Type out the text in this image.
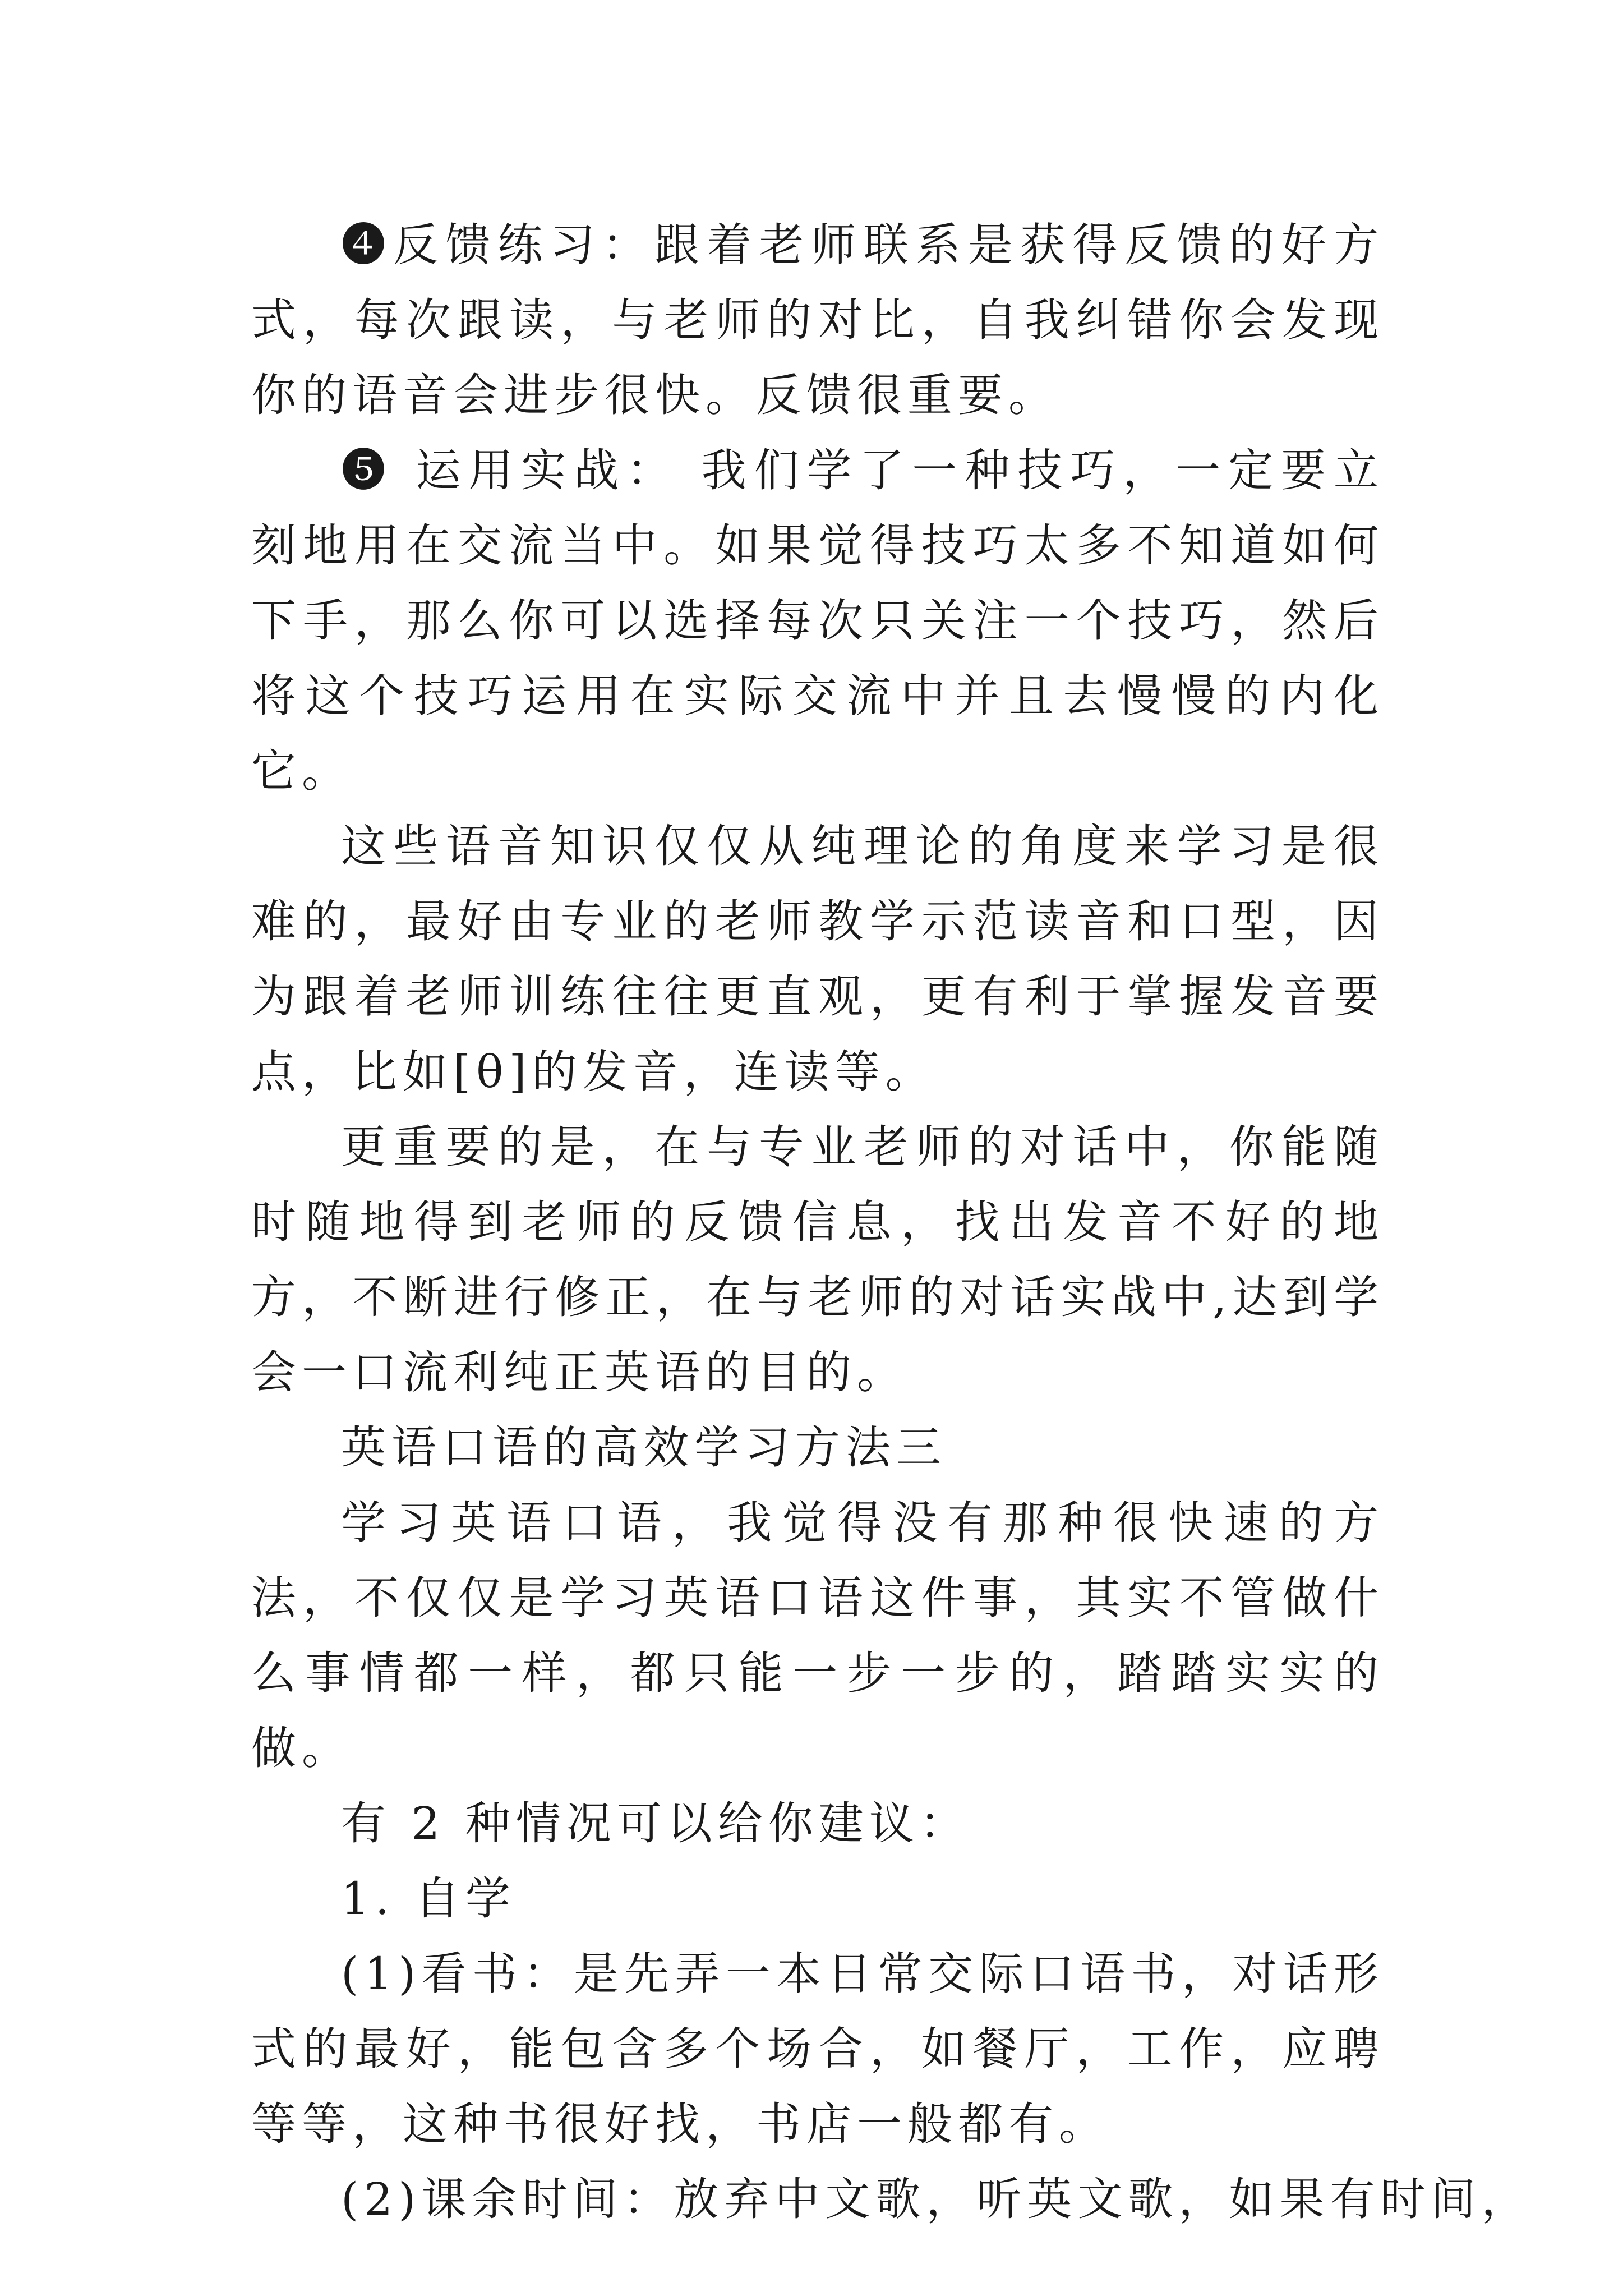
❹反馈练习：跟着老师联系是获得反馈的好方式，每次跟读，与老师的对比，自我纠错你会发现你的语音会进步很快。反馈很重要。

❺ 运用实战： 我们学了一种技巧，一定要立刻地用在交流当中。如果觉得技巧太多不知道如何下手，那么你可以选择每次只关注一个技巧，然后将这个技巧运用在实际交流中并且去慢慢的内化它。

这些语音知识仅仅从纯理论的角度来学习是很难的，最好由专业的老师教学示范读音和口型，因为跟着老师训练往往更直观，更有利于掌握发音要点，比如[θ]的发音，连读等。

更重要的是，在与专业老师的对话中，你能随时随地得到老师的反馈信息，找出发音不好的地方，不断进行修正，在与老师的对话实战中,达到学会一口流利纯正英语的目的。

英语口语的高效学习方法三

学习英语口语，我觉得没有那种很快速的方法，不仅仅是学习英语口语这件事，其实不管做什么事情都一样，都只能一步一步的，踏踏实实的做。

有 2 种情况可以给你建议：

1. 自学

(1)看书：是先弄一本日常交际口语书，对话形式的最好，能包含多个场合，如餐厅，工作，应聘等等，这种书很好找，书店一般都有。

(2)课余时间：放弃中文歌，听英文歌，如果有时间，
